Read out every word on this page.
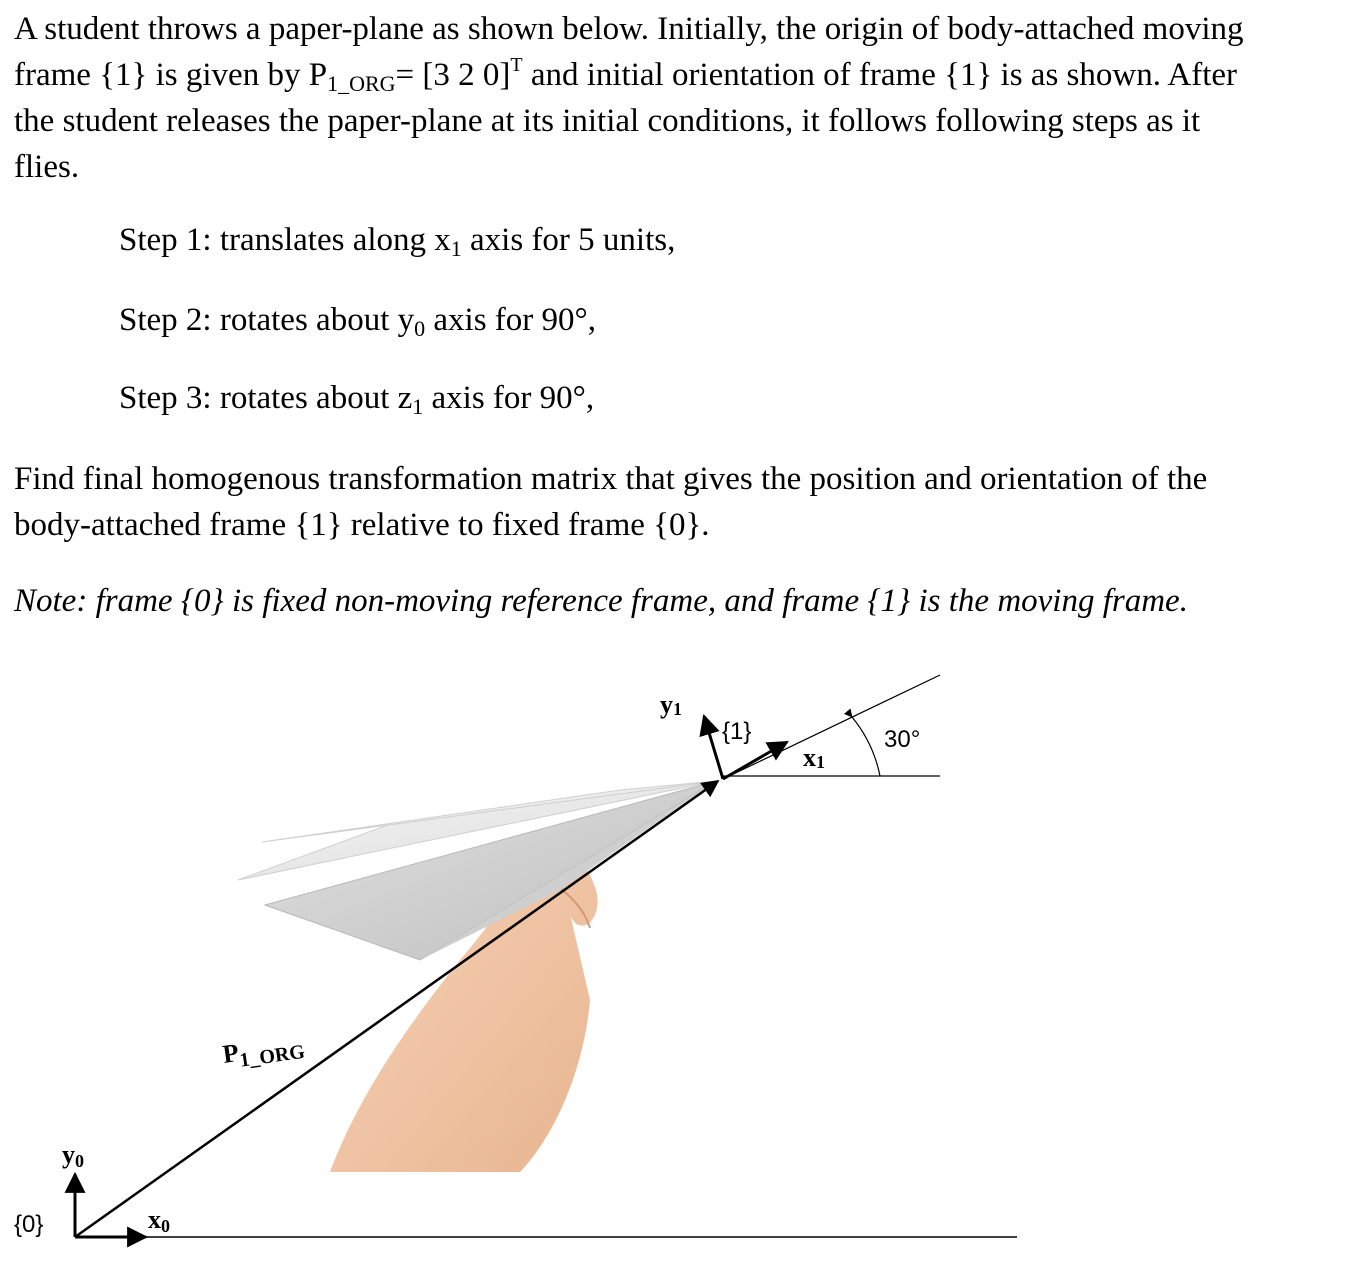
A student throws a paper-plane as shown below. Initially, the origin of body-attached moving
frame {1} is given by $P_{1\_ORG}= [3$ 2 0]$^T$ and initial orientation of frame {1} is as shown. After
the student releases the paper-plane at its initial conditions, it follows following steps as it
flies.
Step 1: translates along $x_1$ axis for 5 units,
Step 2: rotates about $y_0$ axis for 90°,
Step 3: rotates about $z_1$ axis for 90°,
Find final homogenous transformation matrix that gives the position and orientation of the
body-attached frame {1} relative to fixed frame {0}.
Note: frame {0} is fixed non-moving reference frame, and frame {1} is the moving frame.
{0}
y0
x0
$P_{1\_ORG}$
y1
{1}
x1
30°
